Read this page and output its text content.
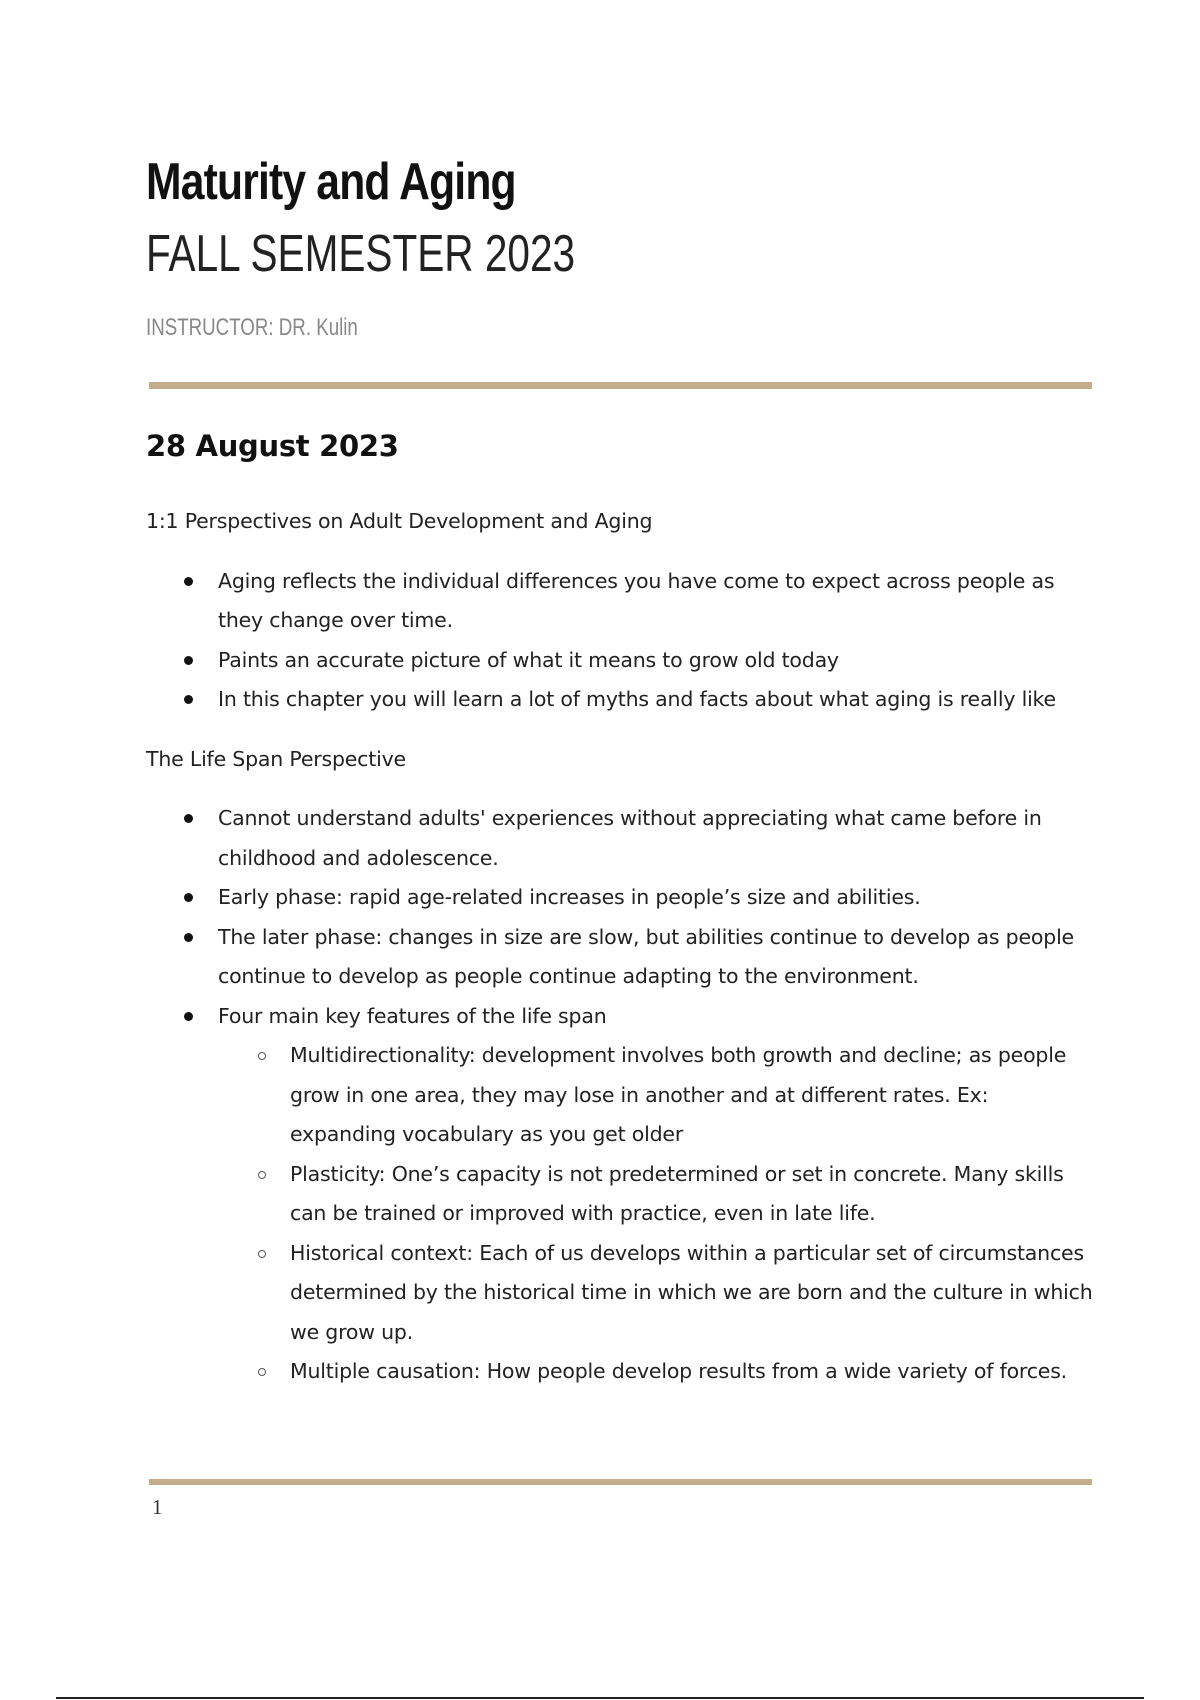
Maturity and Aging
FALL SEMESTER 2023

INSTRUCTOR: DR. Kulin

28 August 2023

1:1 Perspectives on Adult Development and Aging

Aging reflects the individual differences you have come to expect across people as they change over time.
Paints an accurate picture of what it means to grow old today
In this chapter you will learn a lot of myths and facts about what aging is really like

The Life Span Perspective

Cannot understand adults' experiences without appreciating what came before in childhood and adolescence.
Early phase: rapid age-related increases in people’s size and abilities.
The later phase: changes in size are slow, but abilities continue to develop as people continue to develop as people continue adapting to the environment.
Four main key features of the life span
Multidirectionality: development involves both growth and decline; as people grow in one area, they may lose in another and at different rates. Ex: expanding vocabulary as you get older
Plasticity: One’s capacity is not predetermined or set in concrete. Many skills can be trained or improved with practice, even in late life.
Historical context: Each of us develops within a particular set of circumstances determined by the historical time in which we are born and the culture in which we grow up.
Multiple causation: How people develop results from a wide variety of forces.

1
